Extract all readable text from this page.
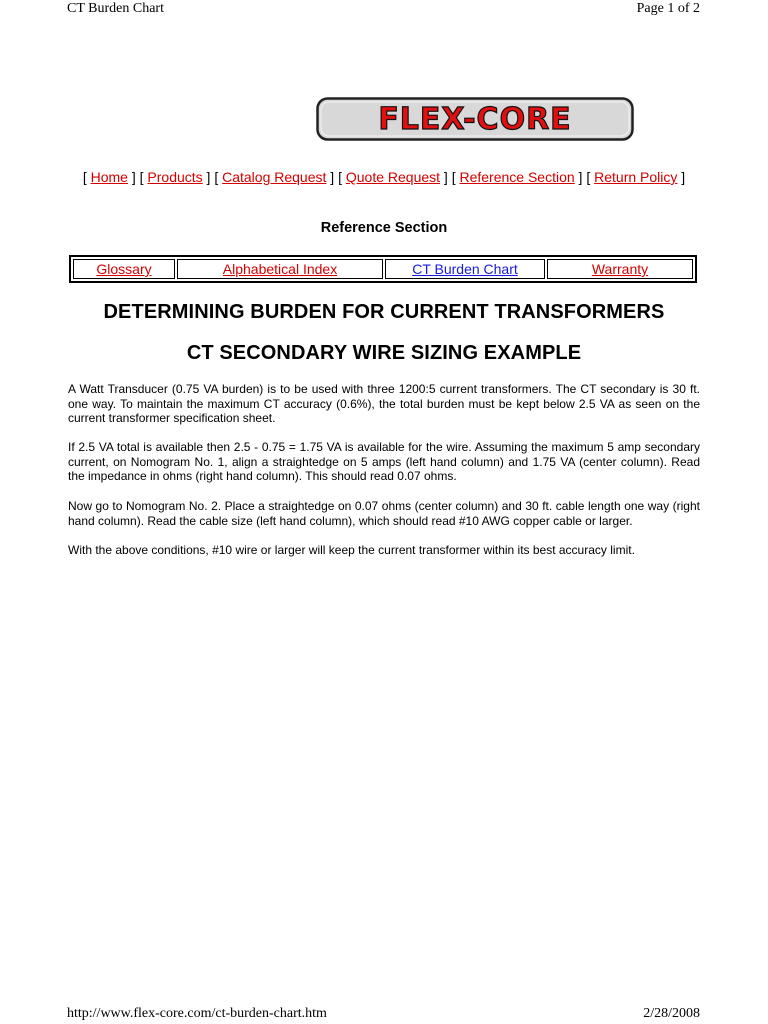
CT Burden Chart	Page 1 of 2
FLEX-CORE
[ Home ] [ Products ] [ Catalog Request ] [ Quote Request ] [ Reference Section ] [ Return Policy ]
Reference Section
Glossary	Alphabetical Index	CT Burden Chart	Warranty
DETERMINING BURDEN FOR CURRENT TRANSFORMERS
CT SECONDARY WIRE SIZING EXAMPLE

A Watt Transducer (0.75 VA burden) is to be used with three 1200:5 current transformers. The CT secondary is 30 ft. one way. To maintain the maximum CT accuracy (0.6%), the total burden must be kept below 2.5 VA as seen on the current transformer specification sheet.

If 2.5 VA total is available then 2.5 - 0.75 = 1.75 VA is available for the wire. Assuming the maximum 5 amp secondary current, on Nomogram No. 1, align a straightedge on 5 amps (left hand column) and 1.75 VA (center column). Read the impedance in ohms (right hand column). This should read 0.07 ohms.

Now go to Nomogram No. 2. Place a straightedge on 0.07 ohms (center column) and 30 ft. cable length one way (right hand column). Read the cable size (left hand column), which should read #10 AWG copper cable or larger.

With the above conditions, #10 wire or larger will keep the current transformer within its best accuracy limit.

http://www.flex-core.com/ct-burden-chart.htm	2/28/2008
